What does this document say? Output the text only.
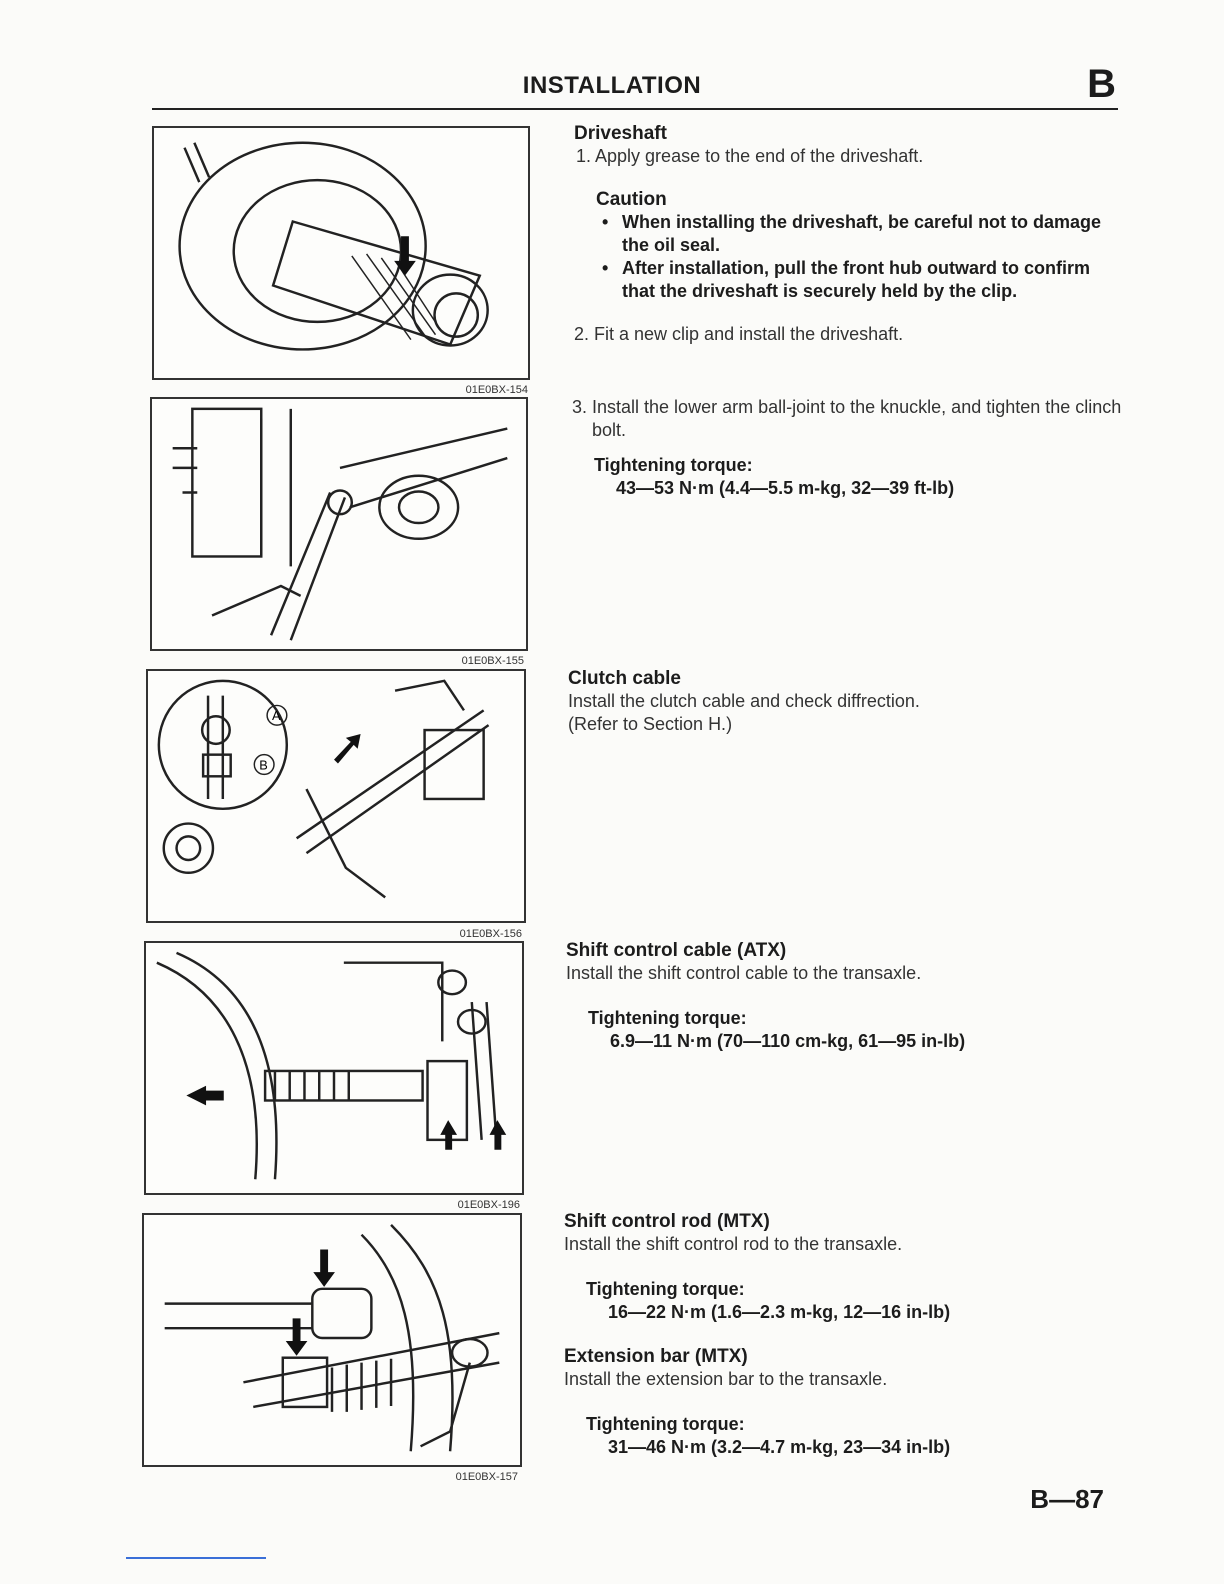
INSTALLATION	B
01E0BX-154
01E0BX-155
A
B
01E0BX-156
01E0BX-196
01E0BX-157
Driveshaft
1. Apply grease to the end of the driveshaft.
Caution
• When installing the driveshaft, be careful not to damage the oil seal.
• After installation, pull the front hub outward to confirm that the driveshaft is securely held by the clip.
2. Fit a new clip and install the driveshaft.
3. Install the lower arm ball-joint to the knuckle, and tighten the clinch bolt.
Tightening torque:
43—53 N·m (4.4—5.5 m-kg, 32—39 ft-lb)
Clutch cable
Install the clutch cable and check diffrection.
(Refer to Section H.)
Shift control cable (ATX)
Install the shift control cable to the transaxle.
Tightening torque:
6.9—11 N·m (70—110 cm-kg, 61—95 in-lb)
Shift control rod (MTX)
Install the shift control rod to the transaxle.
Tightening torque:
16—22 N·m (1.6—2.3 m-kg, 12—16 in-lb)
Extension bar (MTX)
Install the extension bar to the transaxle.
Tightening torque:
31—46 N·m (3.2—4.7 m-kg, 23—34 in-lb)
B—87
